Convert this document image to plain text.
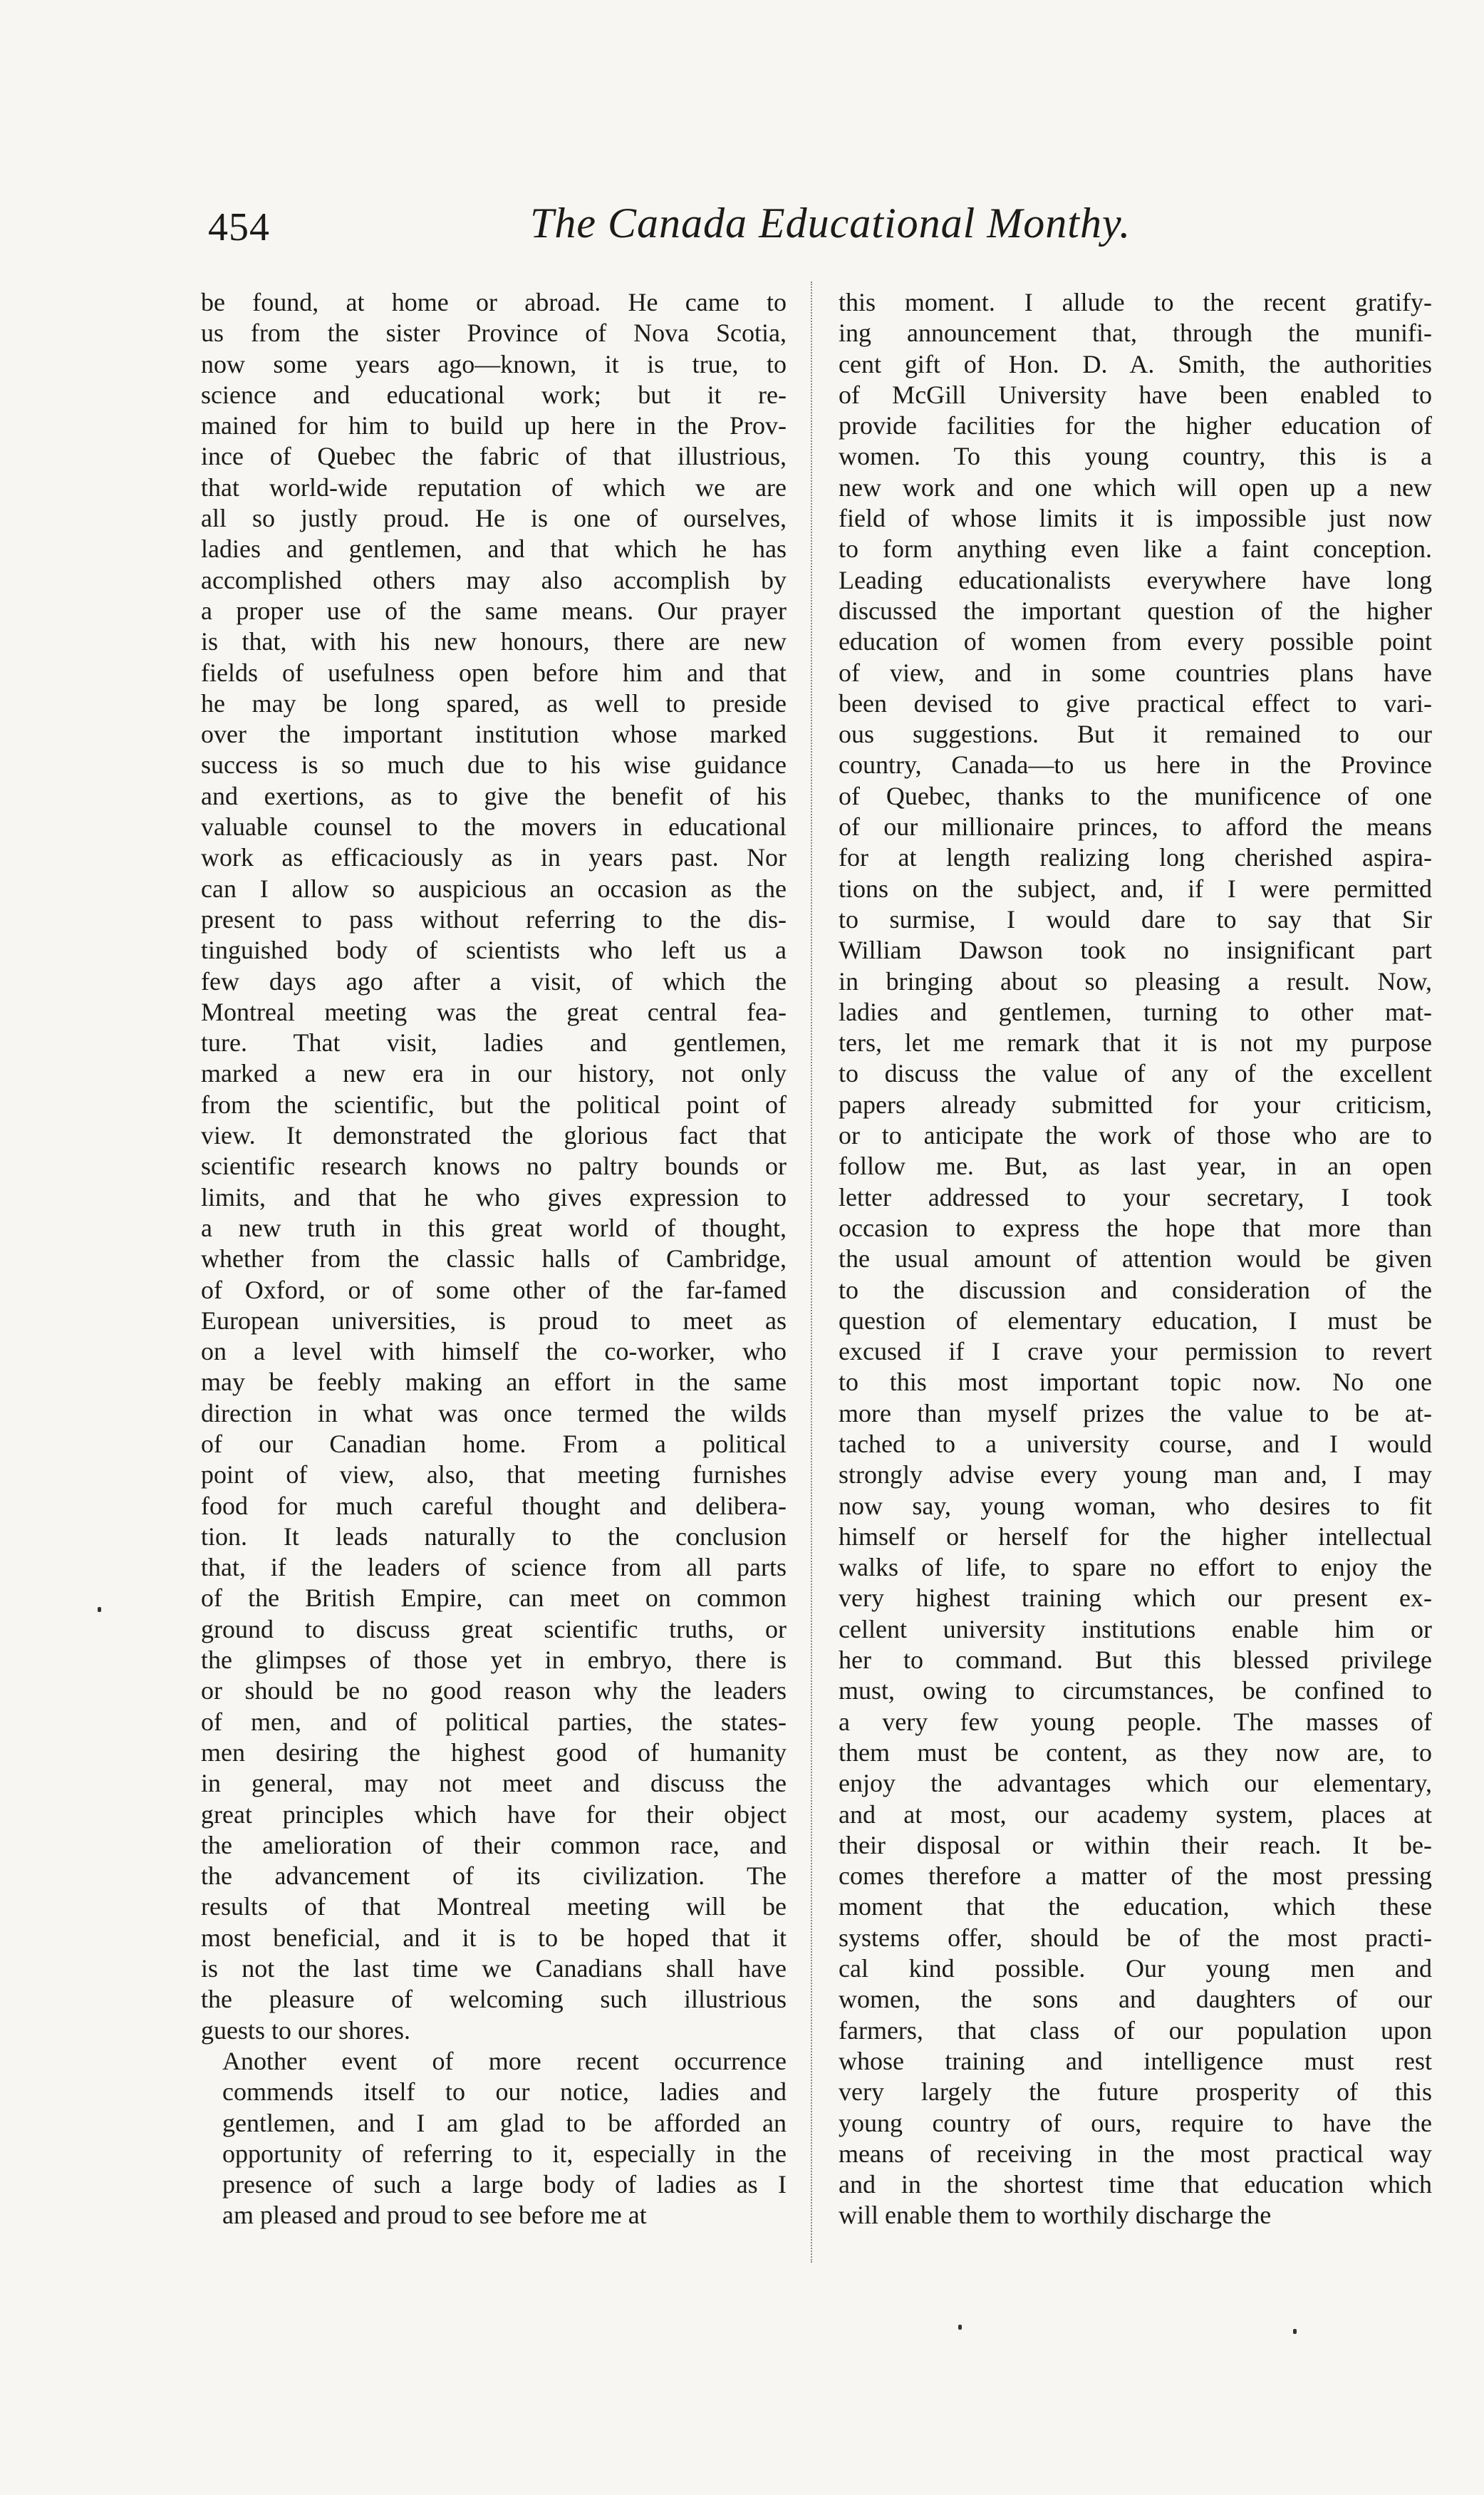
454	The Canada Educational Monthy.

be found, at home or abroad. He came to
us from the sister Province of Nova Scotia,
now some years ago—known, it is true, to
science and educational work; but it re-
mained for him to build up here in the Prov-
ince of Quebec the fabric of that illustrious,
that world-wide reputation of which we are
all so justly proud. He is one of ourselves,
ladies and gentlemen, and that which he has
accomplished others may also accomplish by
a proper use of the same means. Our prayer
is that, with his new honours, there are new
fields of usefulness open before him and that
he may be long spared, as well to preside
over the important institution whose marked
success is so much due to his wise guidance
and exertions, as to give the benefit of his
valuable counsel to the movers in educational
work as efficaciously as in years past. Nor
can I allow so auspicious an occasion as the
present to pass without referring to the dis-
tinguished body of scientists who left us a
few days ago after a visit, of which the
Montreal meeting was the great central fea-
ture. That visit, ladies and gentlemen,
marked a new era in our history, not only
from the scientific, but the political point of
view. It demonstrated the glorious fact that
scientific research knows no paltry bounds or
limits, and that he who gives expression to
a new truth in this great world of thought,
whether from the classic halls of Cambridge,
of Oxford, or of some other of the far-famed
European universities, is proud to meet as
on a level with himself the co-worker, who
may be feebly making an effort in the same
direction in what was once termed the wilds
of our Canadian home. From a political
point of view, also, that meeting furnishes
food for much careful thought and delibera-
tion. It leads naturally to the conclusion
that, if the leaders of science from all parts
of the British Empire, can meet on common
ground to discuss great scientific truths, or
the glimpses of those yet in embryo, there is
or should be no good reason why the leaders
of men, and of political parties, the states-
men desiring the highest good of humanity
in general, may not meet and discuss the
great principles which have for their object
the amelioration of their common race, and
the advancement of its civilization. The
results of that Montreal meeting will be
most beneficial, and it is to be hoped that it
is not the last time we Canadians shall have
the pleasure of welcoming such illustrious
guests to our shores.

Another event of more recent occurrence
commends itself to our notice, ladies and
gentlemen, and I am glad to be afforded an
opportunity of referring to it, especially in the
presence of such a large body of ladies as I
am pleased and proud to see before me at

this moment. I allude to the recent gratify-
ing announcement that, through the munifi-
cent gift of Hon. D. A. Smith, the authorities
of McGill University have been enabled to
provide facilities for the higher education of
women. To this young country, this is a
new work and one which will open up a new
field of whose limits it is impossible just now
to form anything even like a faint conception.
Leading educationalists everywhere have long
discussed the important question of the higher
education of women from every possible point
of view, and in some countries plans have
been devised to give practical effect to vari-
ous suggestions. But it remained to our
country, Canada—to us here in the Province
of Quebec, thanks to the munificence of one
of our millionaire princes, to afford the means
for at length realizing long cherished aspira-
tions on the subject, and, if I were permitted
to surmise, I would dare to say that Sir
William Dawson took no insignificant part
in bringing about so pleasing a result. Now,
ladies and gentlemen, turning to other mat-
ters, let me remark that it is not my purpose
to discuss the value of any of the excellent
papers already submitted for your criticism,
or to anticipate the work of those who are to
follow me. But, as last year, in an open
letter addressed to your secretary, I took
occasion to express the hope that more than
the usual amount of attention would be given
to the discussion and consideration of the
question of elementary education, I must be
excused if I crave your permission to revert
to this most important topic now. No one
more than myself prizes the value to be at-
tached to a university course, and I would
strongly advise every young man and, I may
now say, young woman, who desires to fit
himself or herself for the higher intellectual
walks of life, to spare no effort to enjoy the
very highest training which our present ex-
cellent university institutions enable him or
her to command. But this blessed privilege
must, owing to circumstances, be confined to
a very few young people. The masses of
them must be content, as they now are, to
enjoy the advantages which our elementary,
and at most, our academy system, places at
their disposal or within their reach. It be-
comes therefore a matter of the most pressing
moment that the education, which these
systems offer, should be of the most practi-
cal kind possible. Our young men and
women, the sons and daughters of our
farmers, that class of our population upon
whose training and intelligence must rest
very largely the future prosperity of this
young country of ours, require to have the
means of receiving in the most practical way
and in the shortest time that education which
will enable them to worthily discharge the
